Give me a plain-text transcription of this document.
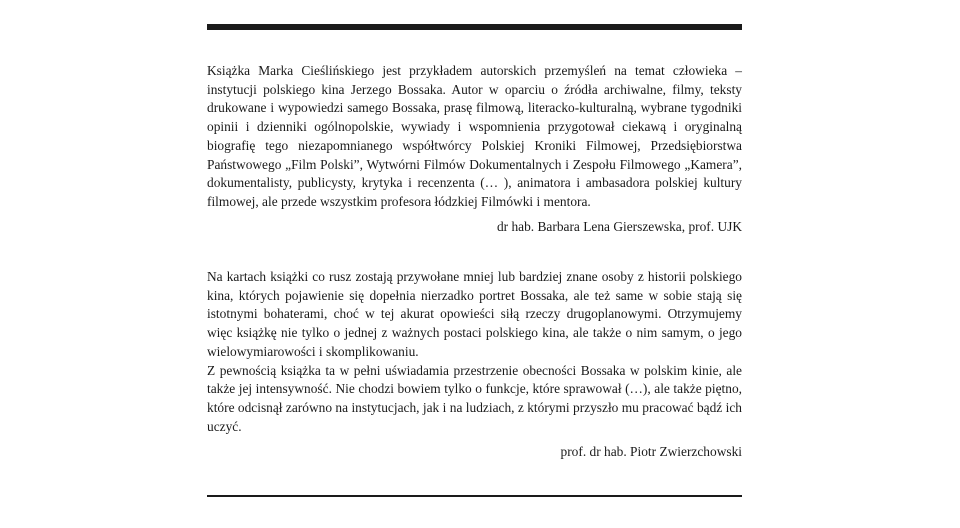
Książka Marka Cieślińskiego jest przykładem autorskich przemyśleń na temat człowieka – instytucji polskiego kina Jerzego Bossaka. Autor w oparciu o źródła archiwalne, filmy, teksty drukowane i wypowiedzi samego Bossaka, prasę filmową, literacko-kulturalną, wybrane tygodniki opinii i dzienniki ogólnopolskie, wywiady i wspomnienia przygotował ciekawą i oryginalną biografię tego niezapomnianego współtwórcy Polskiej Kroniki Filmowej, Przedsiębiorstwa Państwowego „Film Polski”, Wytwórni Filmów Dokumentalnych i Zespołu Filmowego „Kamera”, dokumentalisty, publicysty, krytyka i recenzenta (… ), animatora i ambasadora polskiej kultury filmowej, ale przede wszystkim profesora łódzkiej Filmówki i mentora.

dr hab. Barbara Lena Gierszewska, prof. UJK

Na kartach książki co rusz zostają przywołane mniej lub bardziej znane osoby z historii polskiego kina, których pojawienie się dopełnia nierzadko portret Bossaka, ale też same w sobie stają się istotnymi bohaterami, choć w tej akurat opowieści siłą rzeczy drugoplanowymi. Otrzymujemy więc książkę nie tylko o jednej z ważnych postaci polskiego kina, ale także o nim samym, o jego wielowymiarowości i skomplikowaniu.

Z pewnością książka ta w pełni uświadamia przestrzenie obecności Bossaka w polskim kinie, ale także jej intensywność. Nie chodzi bowiem tylko o funkcje, które sprawował (…), ale także piętno, które odcisnął zarówno na instytucjach, jak i na ludziach, z którymi przyszło mu pracować bądź ich uczyć.

prof. dr hab. Piotr Zwierzchowski
